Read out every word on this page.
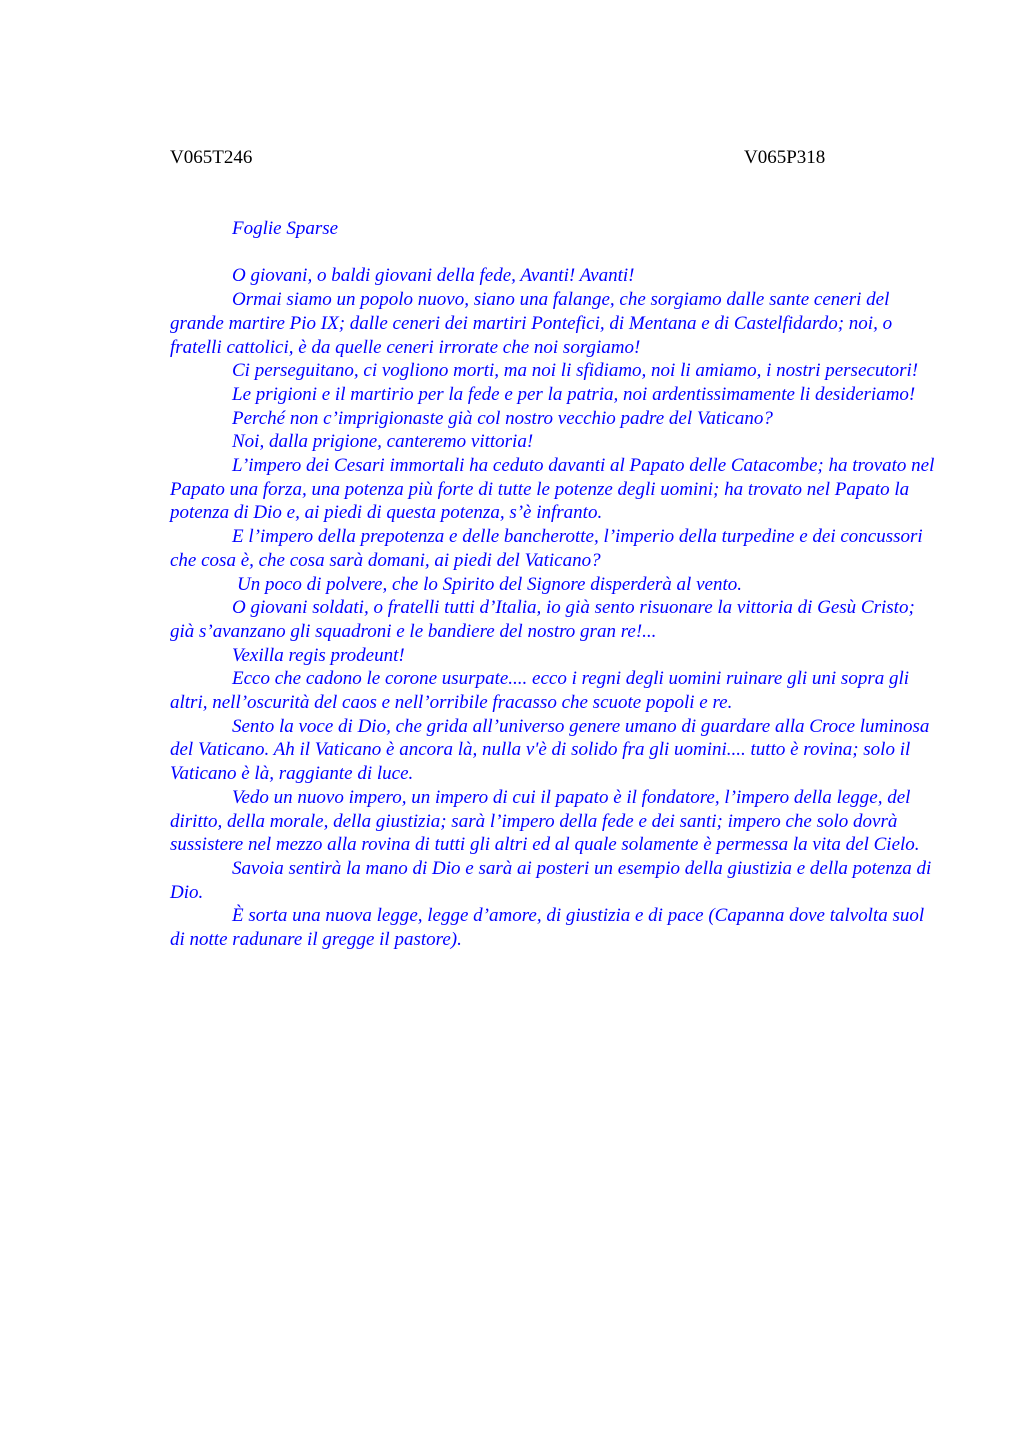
V065T246	V065P318

Foglie Sparse

O giovani, o baldi giovani della fede, Avanti! Avanti!

Ormai siamo un popolo nuovo, siano una falange, che sorgiamo dalle sante ceneri del grande martire Pio IX; dalle ceneri dei martiri Pontefici, di Mentana e di Castelfidardo; noi, o fratelli cattolici, è da quelle ceneri irrorate che noi sorgiamo!

Ci perseguitano, ci vogliono morti, ma noi li sfidiamo, noi li amiamo, i nostri persecutori!

Le prigioni e il martirio per la fede e per la patria, noi ardentissimamente li desideriamo!

Perché non c’imprigionaste già col nostro vecchio padre del Vaticano?

Noi, dalla prigione, canteremo vittoria!

L’impero dei Cesari immortali ha ceduto davanti al Papato delle Catacombe; ha trovato nel Papato una forza, una potenza più forte di tutte le potenze degli uomini; ha trovato nel Papato la potenza di Dio e, ai piedi di questa potenza, s’è infranto.

E l’impero della prepotenza e delle bancherotte, l’imperio della turpedine e dei concussori che cosa è, che cosa sarà domani, ai piedi del Vaticano?

Un poco di polvere, che lo Spirito del Signore disperderà al vento.

O giovani soldati, o fratelli tutti d’Italia, io già sento risuonare la vittoria di Gesù Cristo; già s’avanzano gli squadroni e le bandiere del nostro gran re!...

Vexilla regis prodeunt!

Ecco che cadono le corone usurpate.... ecco i regni degli uomini ruinare gli uni sopra gli altri, nell’oscurità del caos e nell’orribile fracasso che scuote popoli e re.

Sento la voce di Dio, che grida all’universo genere umano di guardare alla Croce luminosa del Vaticano. Ah il Vaticano è ancora là, nulla v'è di solido fra gli uomini.... tutto è rovina; solo il Vaticano è là, raggiante di luce.

Vedo un nuovo impero, un impero di cui il papato è il fondatore, l’impero della legge, del diritto, della morale, della giustizia; sarà l’impero della fede e dei santi; impero che solo dovrà sussistere nel mezzo alla rovina di tutti gli altri ed al quale solamente è permessa la vita del Cielo.

Savoia sentirà la mano di Dio e sarà ai posteri un esempio della giustizia e della potenza di Dio.

È sorta una nuova legge, legge d’amore, di giustizia e di pace (Capanna dove talvolta suol di notte radunare il gregge il pastore).
